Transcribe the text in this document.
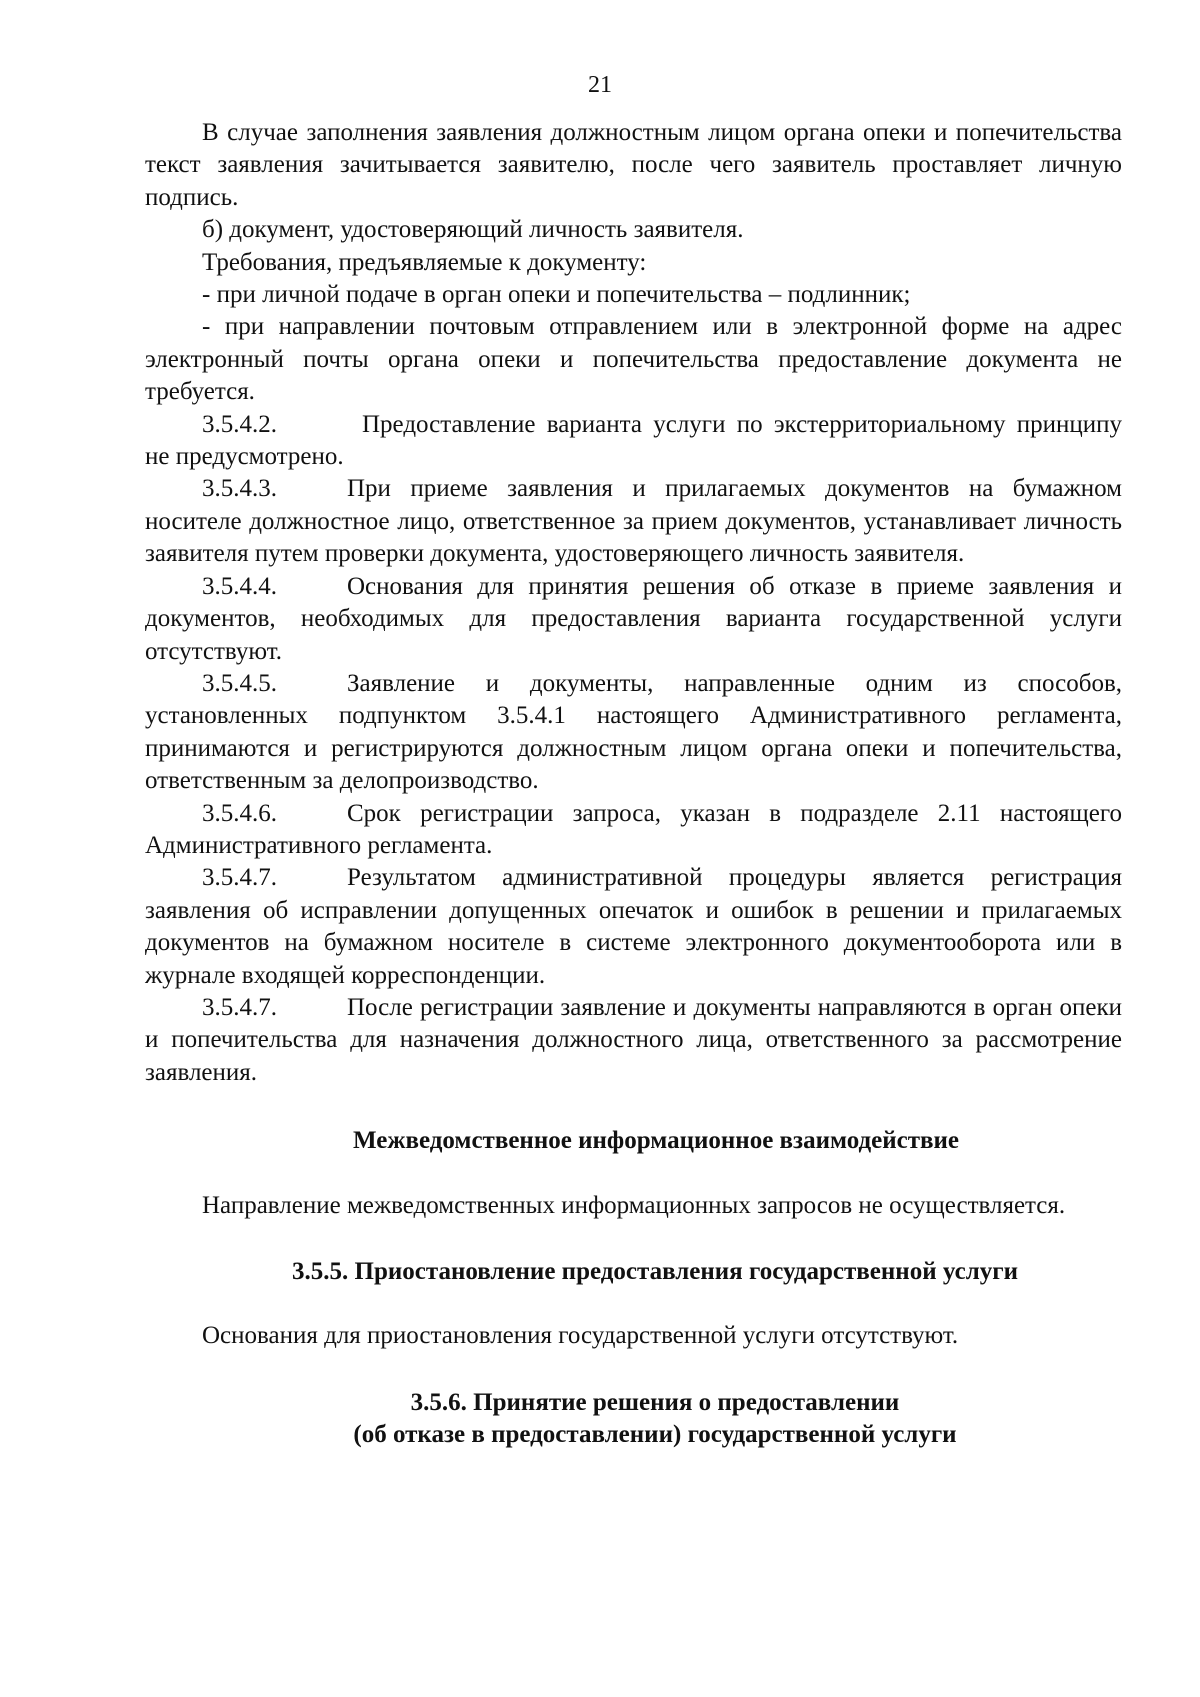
21

В случае заполнения заявления должностным лицом органа опеки и попечительства текст заявления зачитывается заявителю, после чего заявитель проставляет личную подпись.

б) документ, удостоверяющий личность заявителя.

Требования, предъявляемые к документу:

- при личной подаче в орган опеки и попечительства – подлинник;

- при направлении почтовым отправлением или в электронной форме на адрес электронный почты органа опеки и попечительства предоставление документа не требуется.

3.5.4.2.	Предоставление варианта услуги по экстерриториальному принципу не предусмотрено.

3.5.4.3.	При приеме заявления и прилагаемых документов на бумажном носителе должностное лицо, ответственное за прием документов, устанавливает личность заявителя путем проверки документа, удостоверяющего личность заявителя.

3.5.4.4.	Основания для принятия решения об отказе в приеме заявления и документов, необходимых для предоставления варианта государственной услуги отсутствуют.

3.5.4.5.	Заявление и документы, направленные одним из способов, установленных подпунктом 3.5.4.1 настоящего Административного регламента, принимаются и регистрируются должностным лицом органа опеки и попечительства, ответственным за делопроизводство.

3.5.4.6.	Срок регистрации запроса, указан в подразделе 2.11 настоящего Административного регламента.

3.5.4.7.	Результатом административной процедуры является регистрация заявления об исправлении допущенных опечаток и ошибок в решении и прилагаемых документов на бумажном носителе в системе электронного документооборота или в журнале входящей корреспонденции.

3.5.4.7.	После регистрации заявление и документы направляются в орган опеки и попечительства для назначения должностного лица, ответственного за рассмотрение заявления.

Межведомственное информационное взаимодействие

Направление межведомственных информационных запросов не осуществляется.

3.5.5. Приостановление предоставления государственной услуги

Основания для приостановления государственной услуги отсутствуют.

3.5.6. Принятие решения о предоставлении
(об отказе в предоставлении) государственной услуги
